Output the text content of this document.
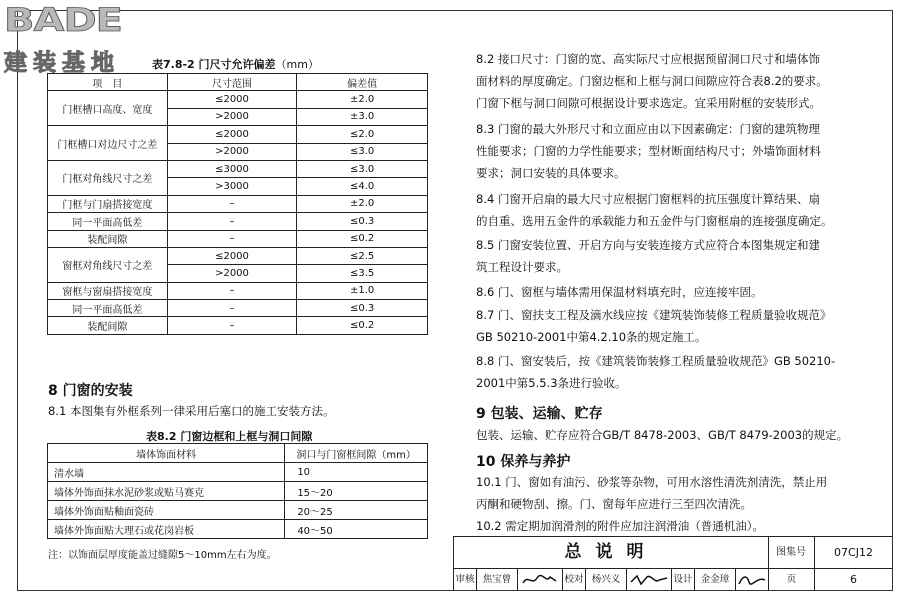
BADE
建装基地	表7.8-2 门尺寸允许偏差（mm）
项　目	尺寸范围	偏差值
门框槽口高度、宽度	≤2000	±2.0
	>2000	±3.0
门框槽口对边尺寸之差	≤2000	≤2.0
	>2000	≤3.0
门框对角线尺寸之差	≤3000	≤3.0
	>3000	≤4.0
门框与门扇搭接宽度	–	±2.0
同一平面高低差	–	≤0.3
装配间隙	–	≤0.2
窗框对角线尺寸之差	≤2000	≤2.5
	>2000	≤3.5
窗框与窗扇搭接宽度	–	±1.0
同一平面高低差	–	≤0.3
装配间隙	–	≤0.2
8 门窗的安装
8.1 本图集有外框系列一律采用后塞口的施工安装方法。
表8.2 门窗边框和上框与洞口间隙
墙体饰面材料	洞口与门窗框间隙（mm）
清水墙	10
墙体外饰面抹水泥砂浆或贴马赛克	15～20
墙体外饰面贴釉面瓷砖	20～25
墙体外饰面贴大理石或花岗岩板	40～50
注：以饰面层厚度能盖过缝隙5～10mm左右为度。
8.2 接口尺寸：门窗的宽、高实际尺寸应根据预留洞口尺寸和墙体饰
面材料的厚度确定。门窗边框和上框与洞口间隙应符合表8.2的要求。
门窗下框与洞口间隙可根据设计要求选定。宜采用附框的安装形式。
8.3 门窗的最大外形尺寸和立面应由以下因素确定：门窗的建筑物理
性能要求；门窗的力学性能要求；型材断面结构尺寸；外墙饰面材料
要求；洞口安装的具体要求。
8.4 门窗开启扇的最大尺寸应根据门窗框料的抗压强度计算结果、扇
的自重、选用五金件的承载能力和五金件与门窗框扇的连接强度确定。
8.5 门窗安装位置、开启方向与安装连接方式应符合本图集规定和建
筑工程设计要求。
8.6 门、窗框与墙体需用保温材料填充时，应连接牢固。
8.7 门、窗扶支工程及滴水线应按《建筑装饰装修工程质量验收规范》
GB 50210-2001中第4.2.10条的规定施工。
8.8 门、窗安装后，按《建筑装饰装修工程质量验收规范》GB 50210-
2001中第5.5.3条进行验收。
9 包装、运输、贮存
包装、运输、贮存应符合GB/T 8478-2003、GB/T 8479-2003的规定。
10 保养与养护
10.1 门、窗如有油污、砂浆等杂物，可用水溶性清洗剂清洗，禁止用
丙酮和硬物刮、擦。门、窗每年应进行三至四次清洗。
10.2 需定期加润滑剂的附件应加注润滑油（普通机油）。
总说明	图集号	07CJ12
审核 焦宝曾	校对 杨兴义	设计 金金璋	页	6
